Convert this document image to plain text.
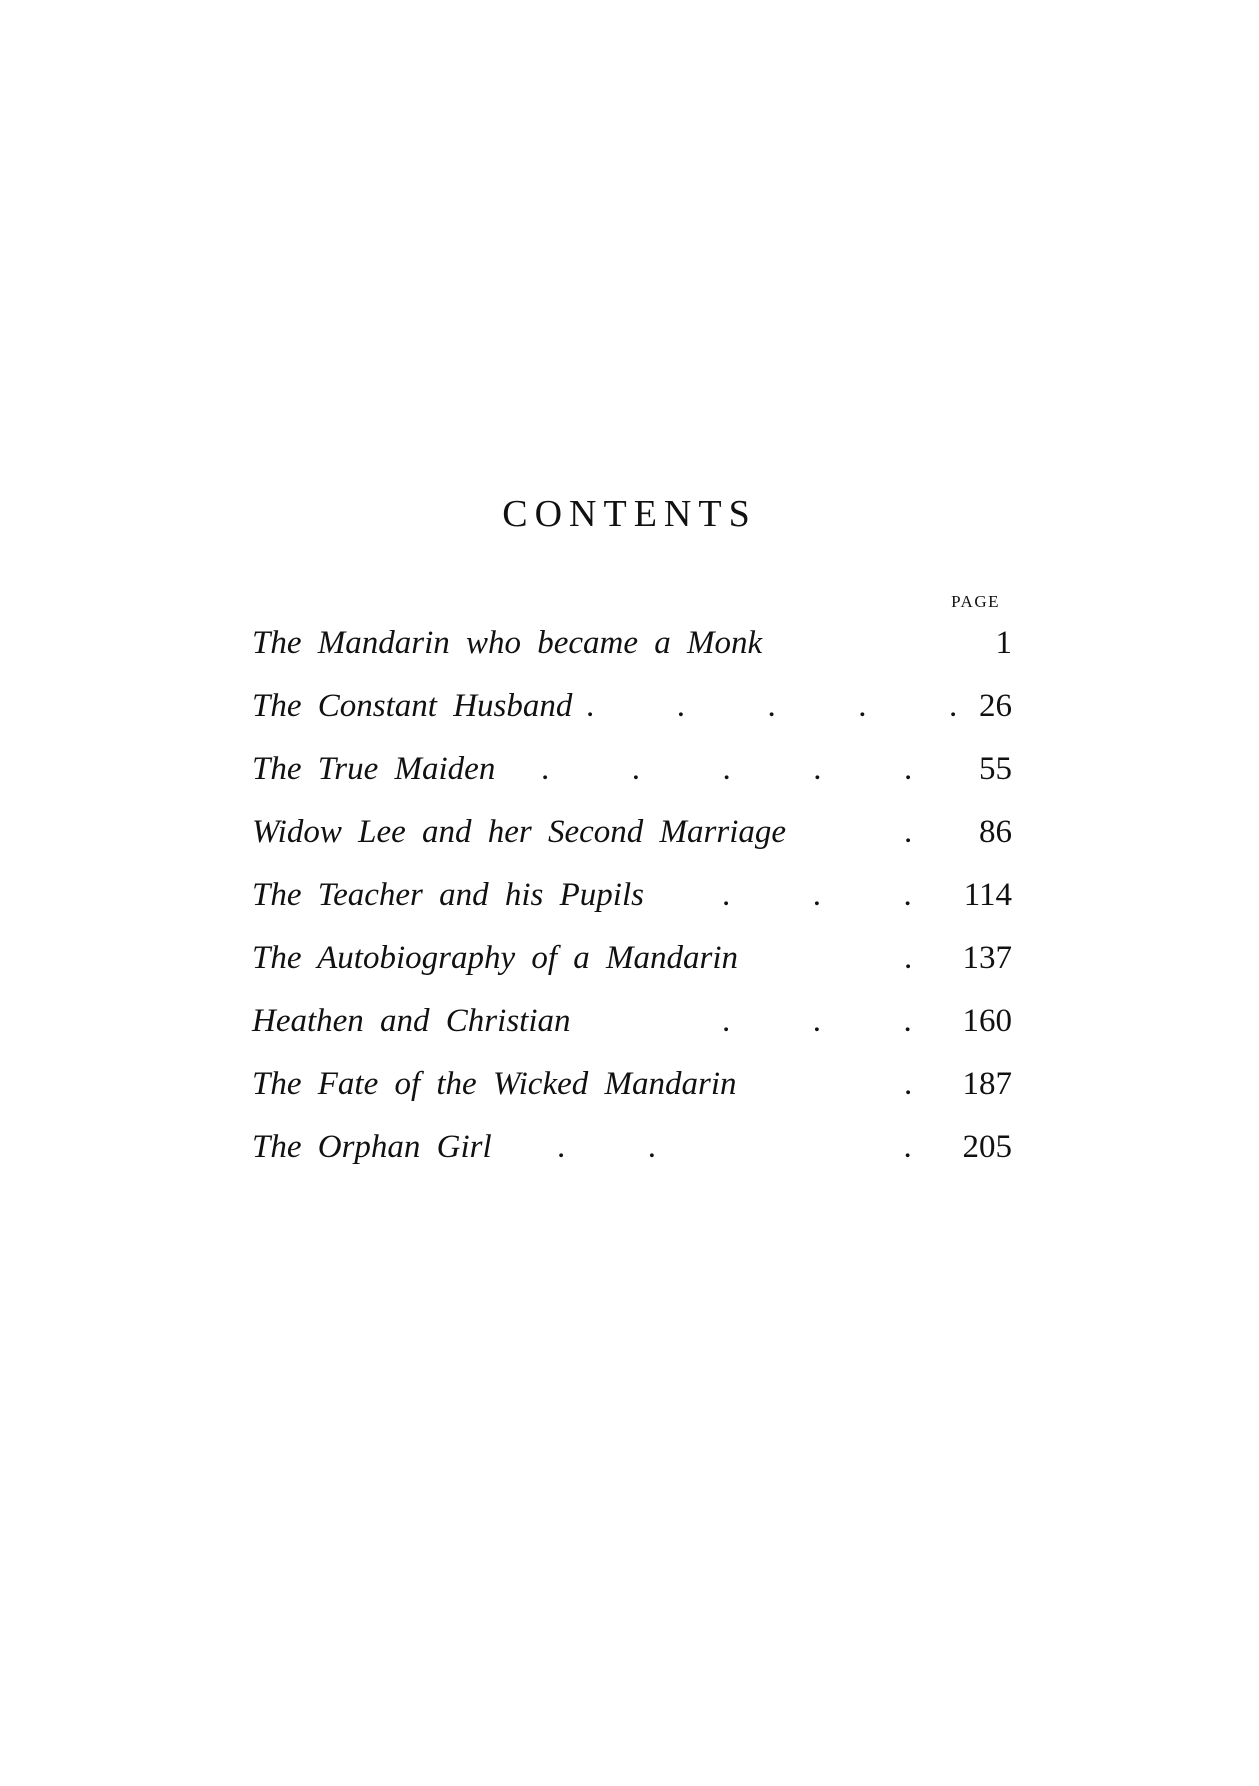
CONTENTS
PAGE
The Mandarin who became a Monk	1
The Constant Husband .          .          .          .          . 26
The True Maiden .          .          .          .          .	55
Widow Lee and her Second Marriage	.	86
The Teacher and his Pupils .          .          .	114
The Autobiography of a Mandarin	.	137
Heathen and Christian	.          .          .	160
The Fate of the Wicked Mandarin	.	187
The Orphan Girl .          .                              .	205
